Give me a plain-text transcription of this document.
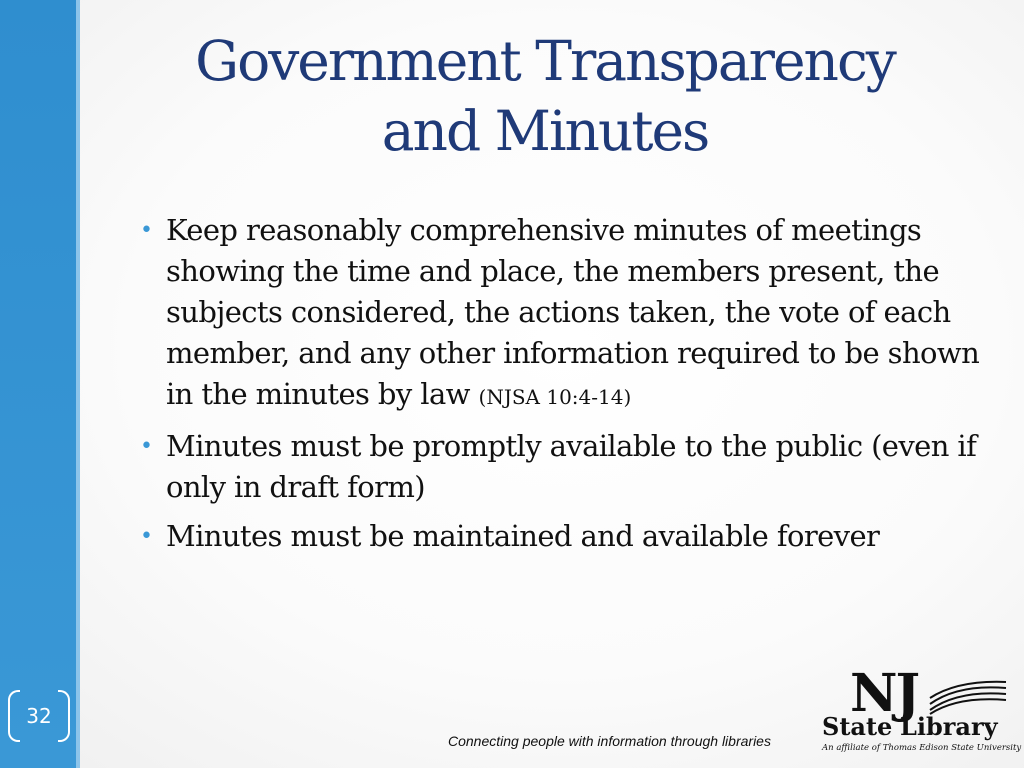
32
Government Transparency
and Minutes
• Keep reasonably comprehensive minutes of meetings showing the time and place, the members present, the subjects considered, the actions taken, the vote of each member, and any other information required to be shown in the minutes by law (NJSA 10:4-14)
• Minutes must be promptly available to the public (even if only in draft form)
• Minutes must be maintained and available forever
Connecting people with information through libraries
NJ
State Library
An affiliate of Thomas Edison State University
